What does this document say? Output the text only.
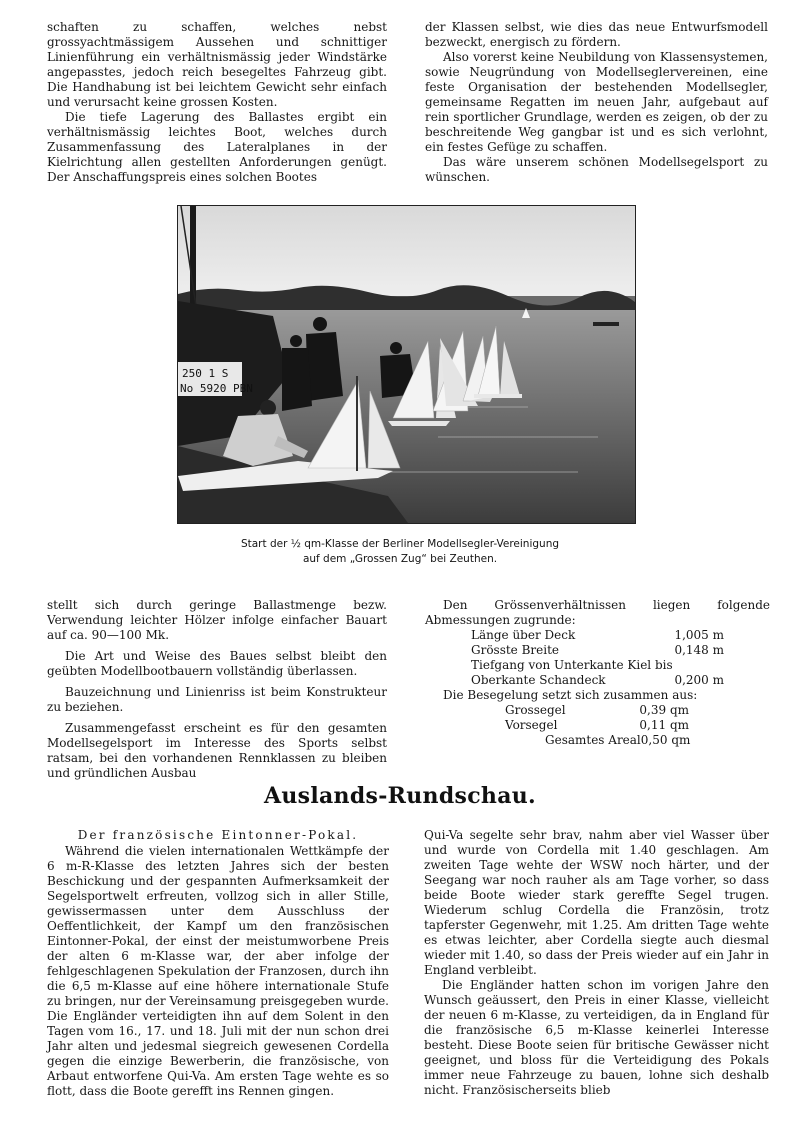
schaften zu schaffen, welches nebst grossyachtmässigem Aussehen und schnittiger Linienführung ein verhältnismässig jeder Windstärke angepasstes, jedoch reich besegeltes Fahrzeug gibt. Die Handhabung ist bei leichtem Gewicht sehr einfach und verursacht keine grossen Kosten.

Die tiefe Lagerung des Ballastes ergibt ein verhältnismässig leichtes Boot, welches durch Zusammenfassung des Lateralplanes in der Kielrichtung allen gestellten Anforderungen genügt. Der Anschaffungspreis eines solchen Bootes

der Klassen selbst, wie dies das neue Entwurfsmodell bezweckt, energisch zu fördern.

Also vorerst keine Neubildung von Klassensystemen, sowie Neugründung von Modellseglervereinen, eine feste Organisation der bestehenden Modellsegler, gemeinsame Regatten im neuen Jahr, aufgebaut auf rein sportlicher Grundlage, werden es zeigen, ob der zu beschreitende Weg gangbar ist und es sich verlohnt, ein festes Gefüge zu schaffen.

Das wäre unserem schönen Modellsegelsport zu wünschen.

250 1 S
No 5920 PBN
Start der ½ qm-Klasse der Berliner Modellsegler-Vereinigung
auf dem „Grossen Zug“ bei Zeuthen.

stellt sich durch geringe Ballastmenge bezw. Verwendung leichter Hölzer infolge einfacher Bauart auf ca. 90—100 Mk.

Die Art und Weise des Baues selbst bleibt den geübten Modellbootbauern vollständig überlassen.

Bauzeichnung und Linienriss ist beim Konstrukteur zu beziehen.

Zusammengefasst erscheint es für den gesamten Modellsegelsport im Interesse des Sports selbst ratsam, bei den vorhandenen Rennklassen zu bleiben und gründlichen Ausbau

Den Grössenverhältnissen liegen folgende Abmessungen zugrunde:

Länge über Deck	1,005 m
Grösste Breite	0,148 m
Tiefgang von Unterkante Kiel bis
Oberkante Schandeck	0,200 m

Die Besegelung setzt sich zusammen aus:

Grossegel	0,39 qm
Vorsegel	0,11 qm
Gesamtes Areal 0,50 qm
Auslands-Rundschau.
Der französische Eintonner-Pokal.

Während die vielen internationalen Wettkämpfe der 6 m-R-Klasse des letzten Jahres sich der besten Beschickung und der gespannten Aufmerksamkeit der Segelsportwelt erfreuten, vollzog sich in aller Stille, gewissermassen unter dem Ausschluss der Oeffentlichkeit, der Kampf um den französischen Eintonner-Pokal, der einst der meistumworbene Preis der alten 6 m-Klasse war, der aber infolge der fehlgeschlagenen Spekulation der Franzosen, durch ihn die 6,5 m-Klasse auf eine höhere internationale Stufe zu bringen, nur der Vereinsamung preisgegeben wurde. Die Engländer verteidigten ihn auf dem Solent in den Tagen vom 16., 17. und 18. Juli mit der nun schon drei Jahr alten und jedesmal siegreich gewesenen Cordella gegen die einzige Bewerberin, die französische, von Arbaut entworfene Qui-Va. Am ersten Tage wehte es so flott, dass die Boote gerefft ins Rennen gingen.

Qui-Va segelte sehr brav, nahm aber viel Wasser über und wurde von Cordella mit 1.40 geschlagen. Am zweiten Tage wehte der WSW noch härter, und der Seegang war noch rauher als am Tage vorher, so dass beide Boote wieder stark gereffte Segel trugen. Wiederum schlug Cordella die Französin, trotz tapferster Gegenwehr, mit 1.25. Am dritten Tage wehte es etwas leichter, aber Cordella siegte auch diesmal wieder mit 1.40, so dass der Preis wieder auf ein Jahr in England verbleibt.

Die Engländer hatten schon im vorigen Jahre den Wunsch geäussert, den Preis in einer Klasse, vielleicht der neuen 6 m-Klasse, zu verteidigen, da in England für die französische 6,5 m-Klasse keinerlei Interesse besteht. Diese Boote seien für britische Gewässer nicht geeignet, und bloss für die Verteidigung des Pokals immer neue Fahrzeuge zu bauen, lohne sich deshalb nicht. Französischerseits blieb
